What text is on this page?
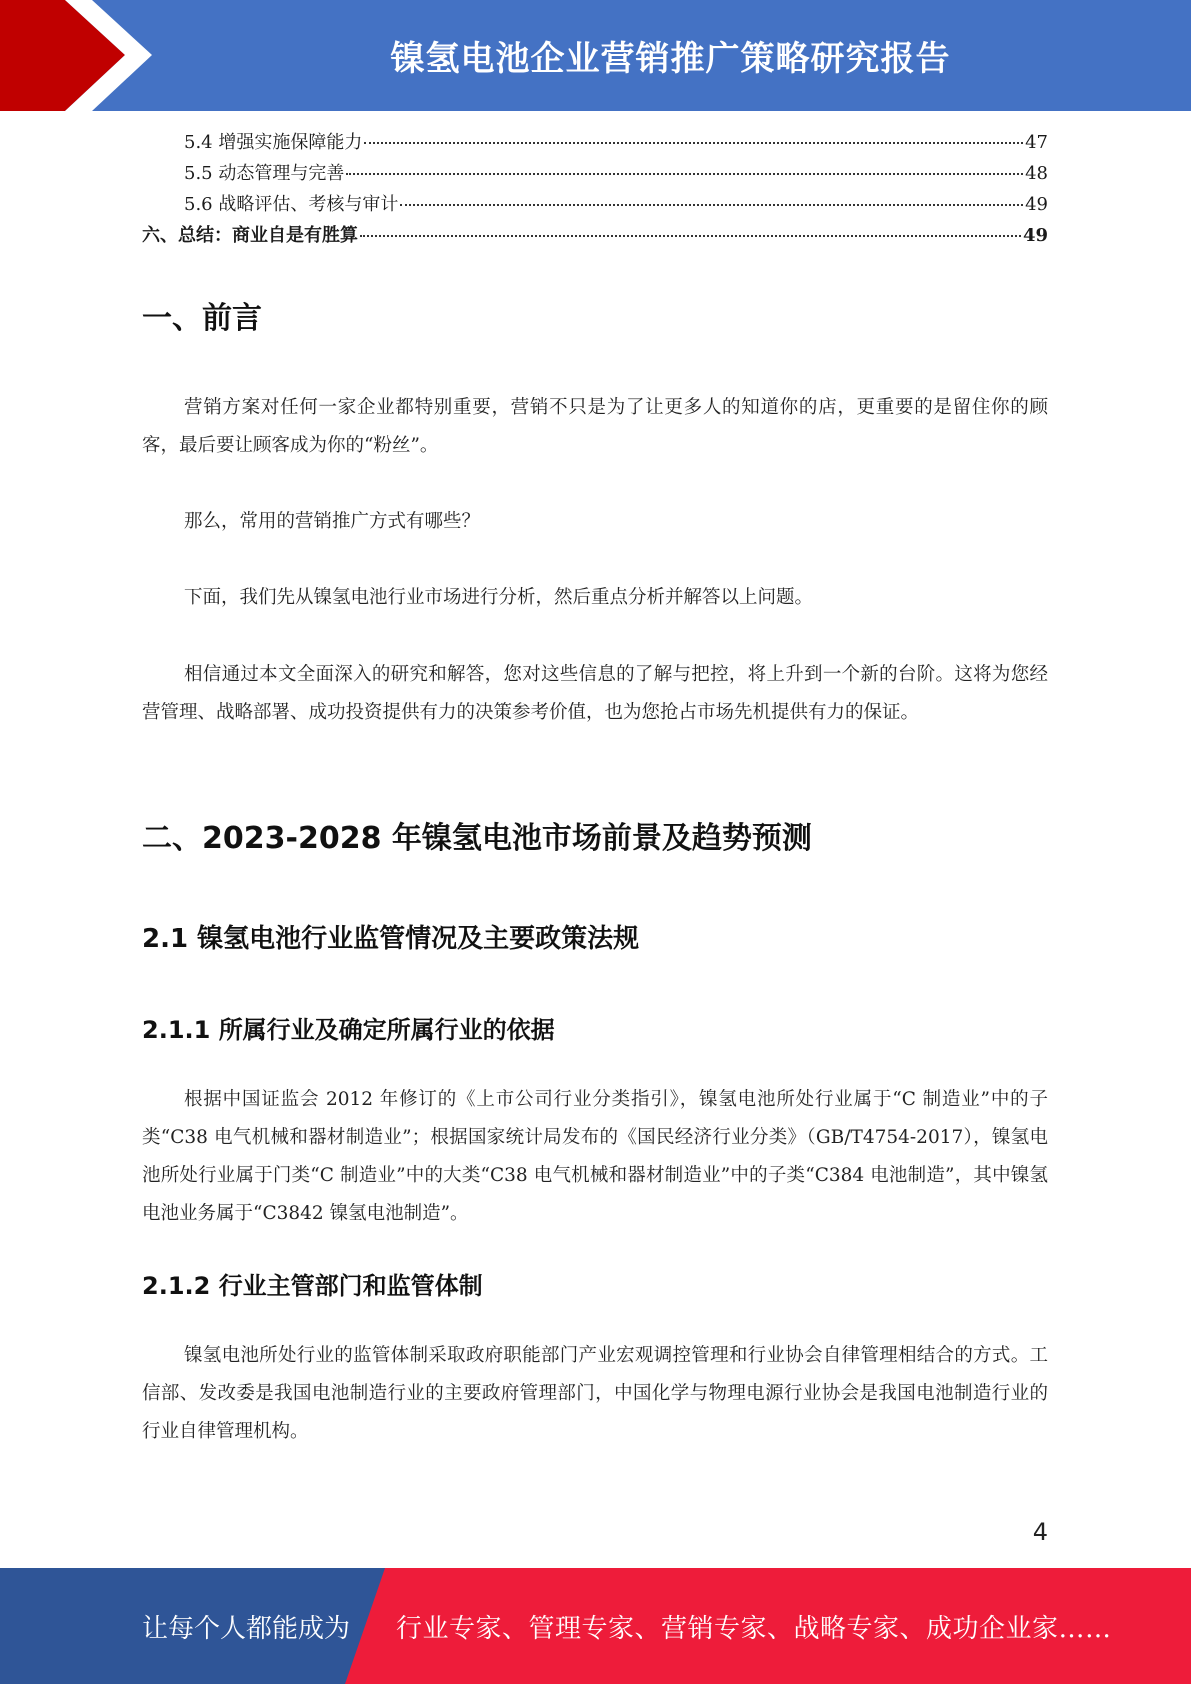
镍氢电池企业营销推广策略研究报告
5.4 增强实施保障能力	47
5.5 动态管理与完善	48
5.6 战略评估、考核与审计	49
六、总结：商业自是有胜算	49
一、前言

营销方案对任何一家企业都特别重要，营销不只是为了让更多人的知道你的店，更重要的是留住你的顾客，最后要让顾客成为你的“粉丝”。

那么，常用的营销推广方式有哪些？

下面，我们先从镍氢电池行业市场进行分析，然后重点分析并解答以上问题。

相信通过本文全面深入的研究和解答，您对这些信息的了解与把控，将上升到一个新的台阶。这将为您经营管理、战略部署、成功投资提供有力的决策参考价值，也为您抢占市场先机提供有力的保证。

二、2023-2028 年镍氢电池市场前景及趋势预测
2.1 镍氢电池行业监管情况及主要政策法规
2.1.1 所属行业及确定所属行业的依据

根据中国证监会 2012 年修订的《上市公司行业分类指引》，镍氢电池所处行业属于“C 制造业”中的子类“C38 电气机械和器材制造业”；根据国家统计局发布的《国民经济行业分类》（GB/T4754-2017），镍氢电池所处行业属于门类“C 制造业”中的大类“C38 电气机械和器材制造业”中的子类“C384 电池制造”，其中镍氢电池业务属于“C3842 镍氢电池制造”。

2.1.2 行业主管部门和监管体制

镍氢电池所处行业的监管体制采取政府职能部门产业宏观调控管理和行业协会自律管理相结合的方式。工信部、发改委是我国电池制造行业的主要政府管理部门，中国化学与物理电源行业协会是我国电池制造行业的行业自律管理机构。

4
让每个人都能成为 行业专家、管理专家、营销专家、战略专家、成功企业家……
